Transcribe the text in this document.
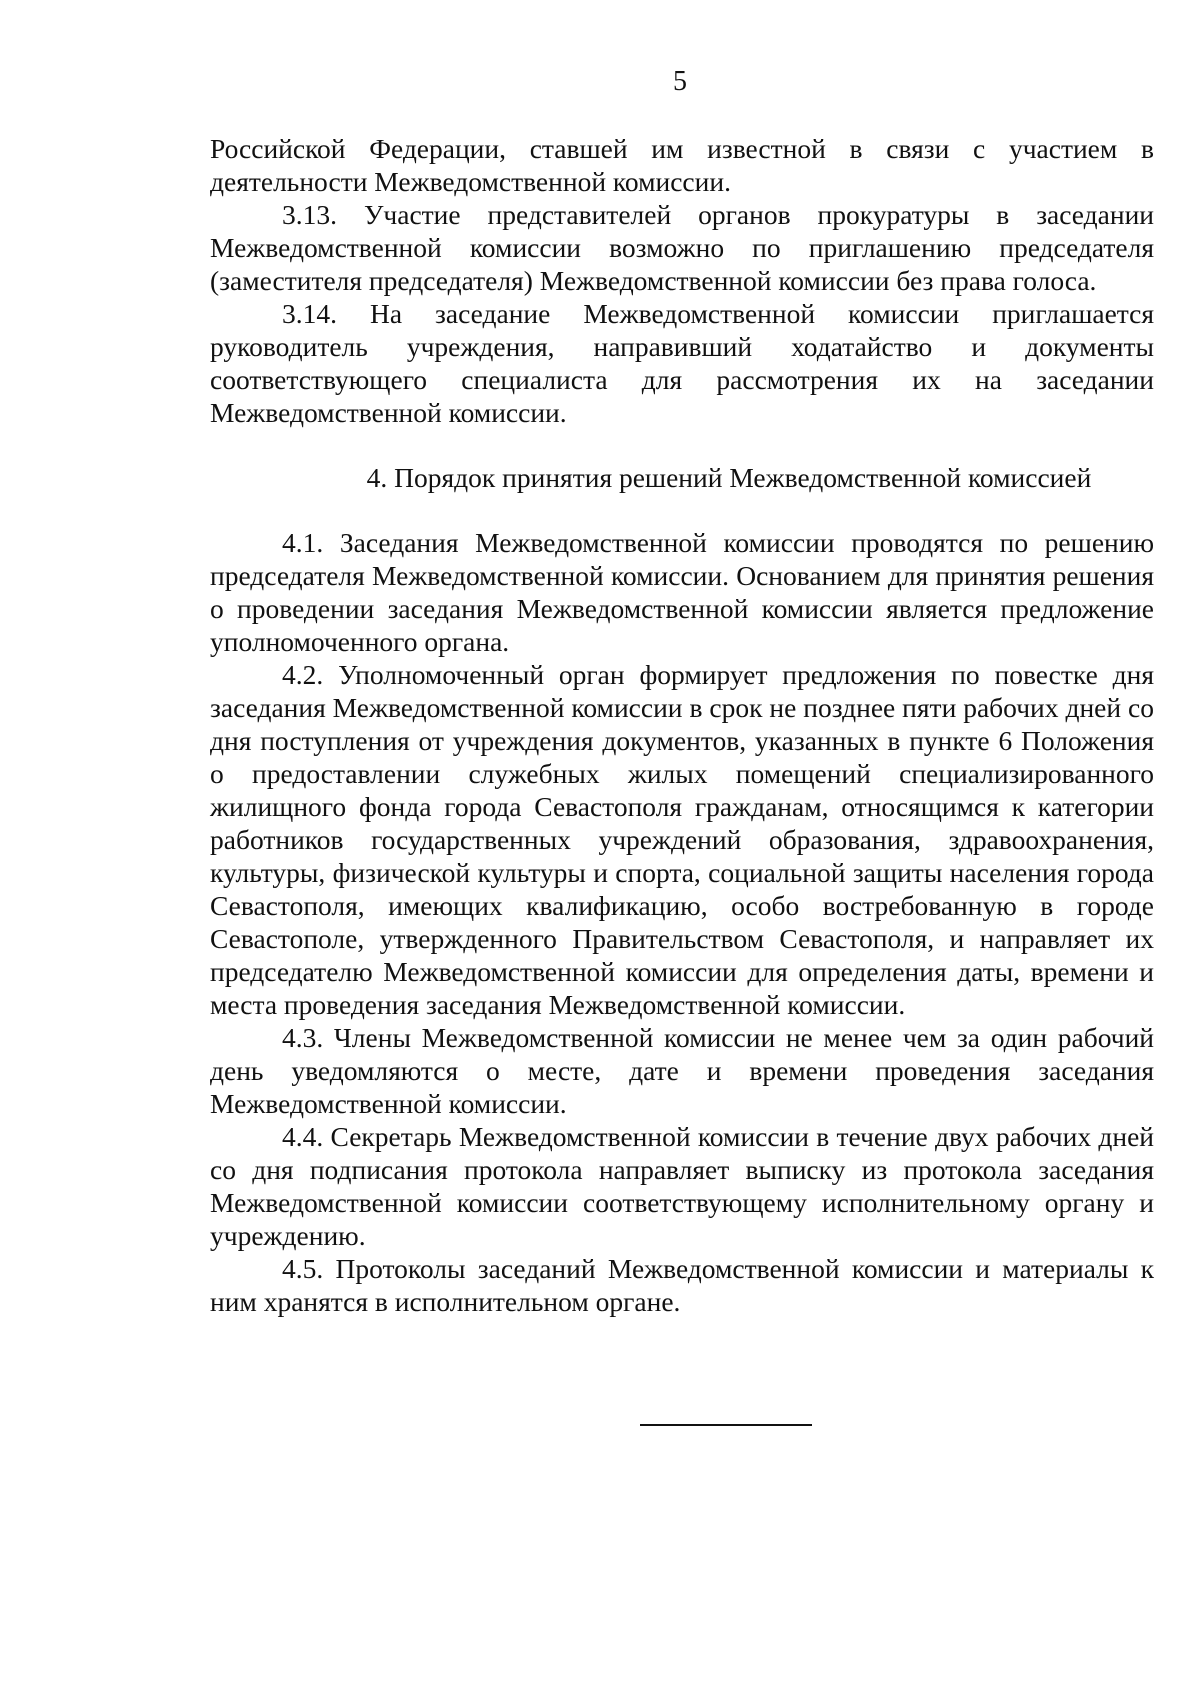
5

Российской Федерации, ставшей им известной в связи с участием в деятельности Межведомственной комиссии.

3.13. Участие представителей органов прокуратуры в заседании Межведомственной комиссии возможно по приглашению председателя (заместителя председателя) Межведомственной комиссии без права голоса.

3.14. На заседание Межведомственной комиссии приглашается руководитель учреждения, направивший ходатайство и документы соответствующего специалиста для рассмотрения их на заседании Межведомственной комиссии.

4. Порядок принятия решений Межведомственной комиссией

4.1. Заседания Межведомственной комиссии проводятся по решению председателя Межведомственной комиссии. Основанием для принятия решения о проведении заседания Межведомственной комиссии является предложение уполномоченного органа.

4.2. Уполномоченный орган формирует предложения по повестке дня заседания Межведомственной комиссии в срок не позднее пяти рабочих дней со дня поступления от учреждения документов, указанных в пункте 6 Положения о предоставлении служебных жилых помещений специализированного жилищного фонда города Севастополя гражданам, относящимся к категории работников государственных учреждений образования, здравоохранения, культуры, физической культуры и спорта, социальной защиты населения города Севастополя, имеющих квалификацию, особо востребованную в городе Севастополе, утвержденного Правительством Севастополя, и направляет их председателю Межведомственной комиссии для определения даты, времени и места проведения заседания Межведомственной комиссии.

4.3. Члены Межведомственной комиссии не менее чем за один рабочий день уведомляются о месте, дате и времени проведения заседания Межведомственной комиссии.

4.4. Секретарь Межведомственной комиссии в течение двух рабочих дней со дня подписания протокола направляет выписку из протокола заседания Межведомственной комиссии соответствующему исполнительному органу и учреждению.

4.5. Протоколы заседаний Межведомственной комиссии и материалы к ним хранятся в исполнительном органе.
